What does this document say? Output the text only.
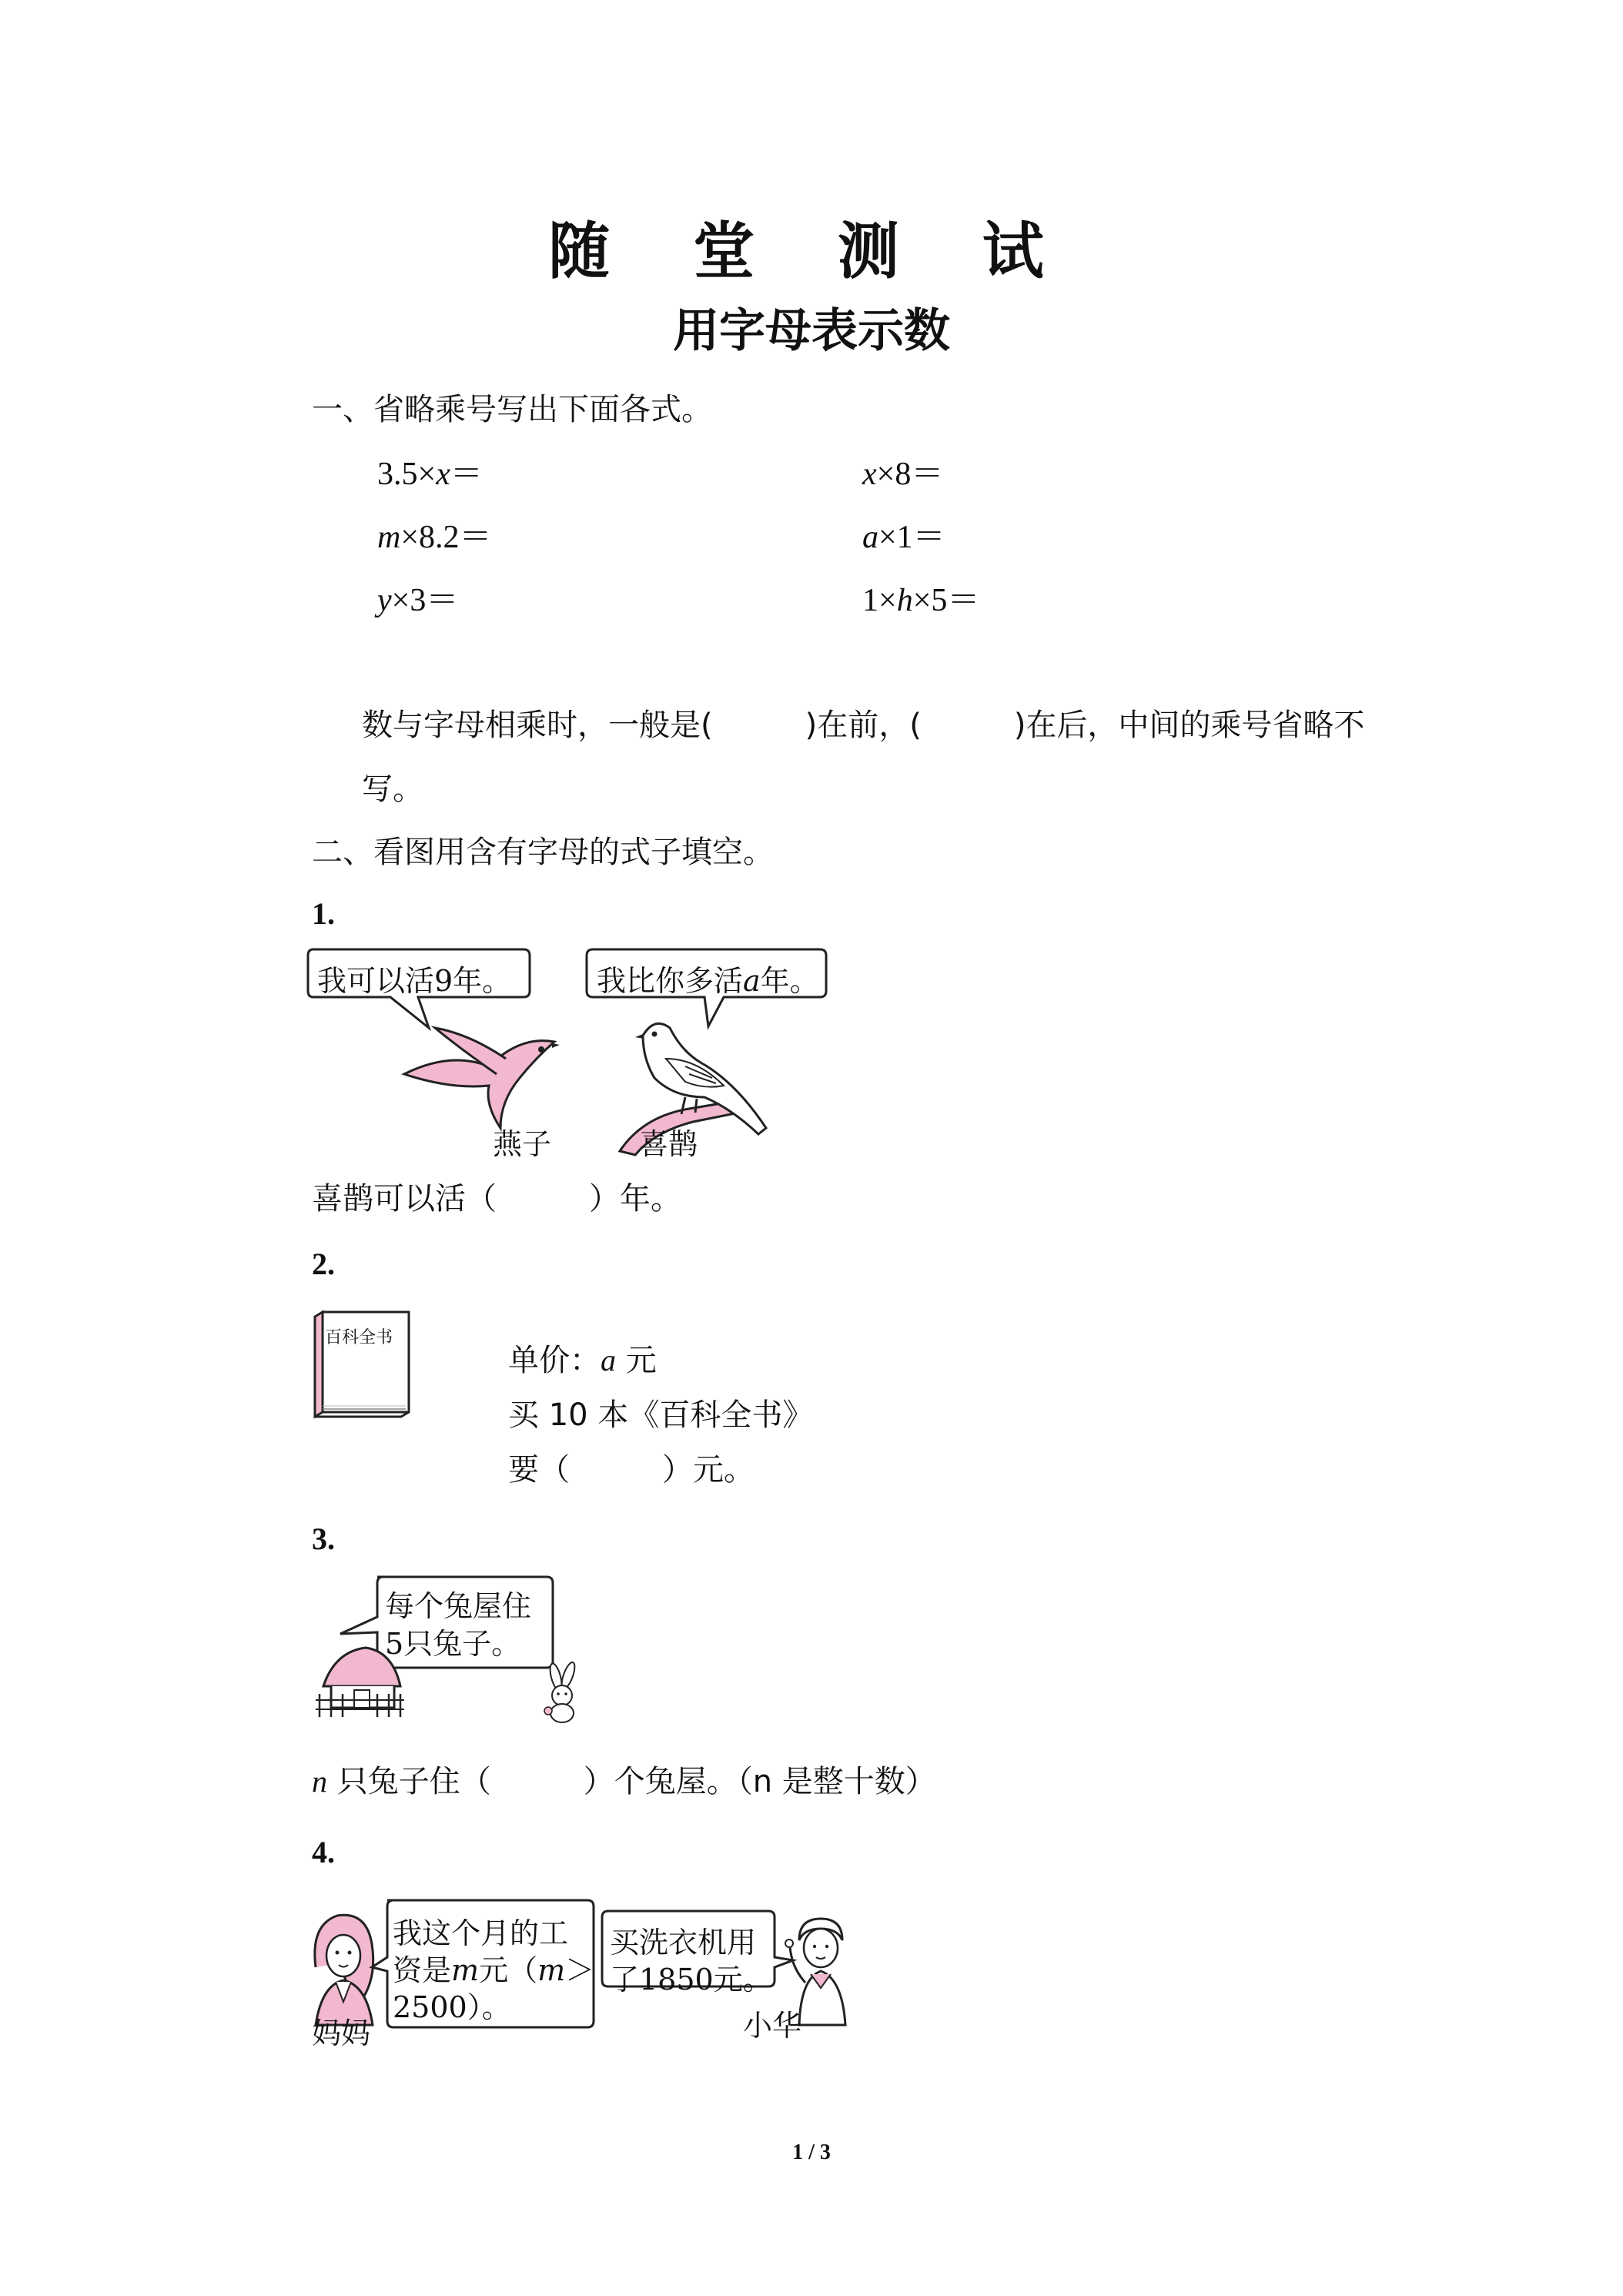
随 堂 测 试
用字母表示数
一、省略乘号写出下面各式。
3.5×x＝	x×8＝
m×8.2＝	a×1＝
y×3＝	1×h×5＝
数与字母相乘时，一般是(　　　)在前，(　　　)在后，中间的乘号省略不
写。
二、看图用含有字母的式子填空。
1.
我可以活9年。	我比你多活a年。
燕子	喜鹊
喜鹊可以活（　　　）年。
2.
百科全书
单价：a 元
买 10 本《百科全书》
要（　　　）元。
3.
每个兔屋住
5只兔子。
n 只兔子住（　　　）个兔屋。（n 是整十数）
4.
我这个月的工
资是m元（m＞
2500）。
买洗衣机用
了1850元。
妈妈	小华
1 / 3
